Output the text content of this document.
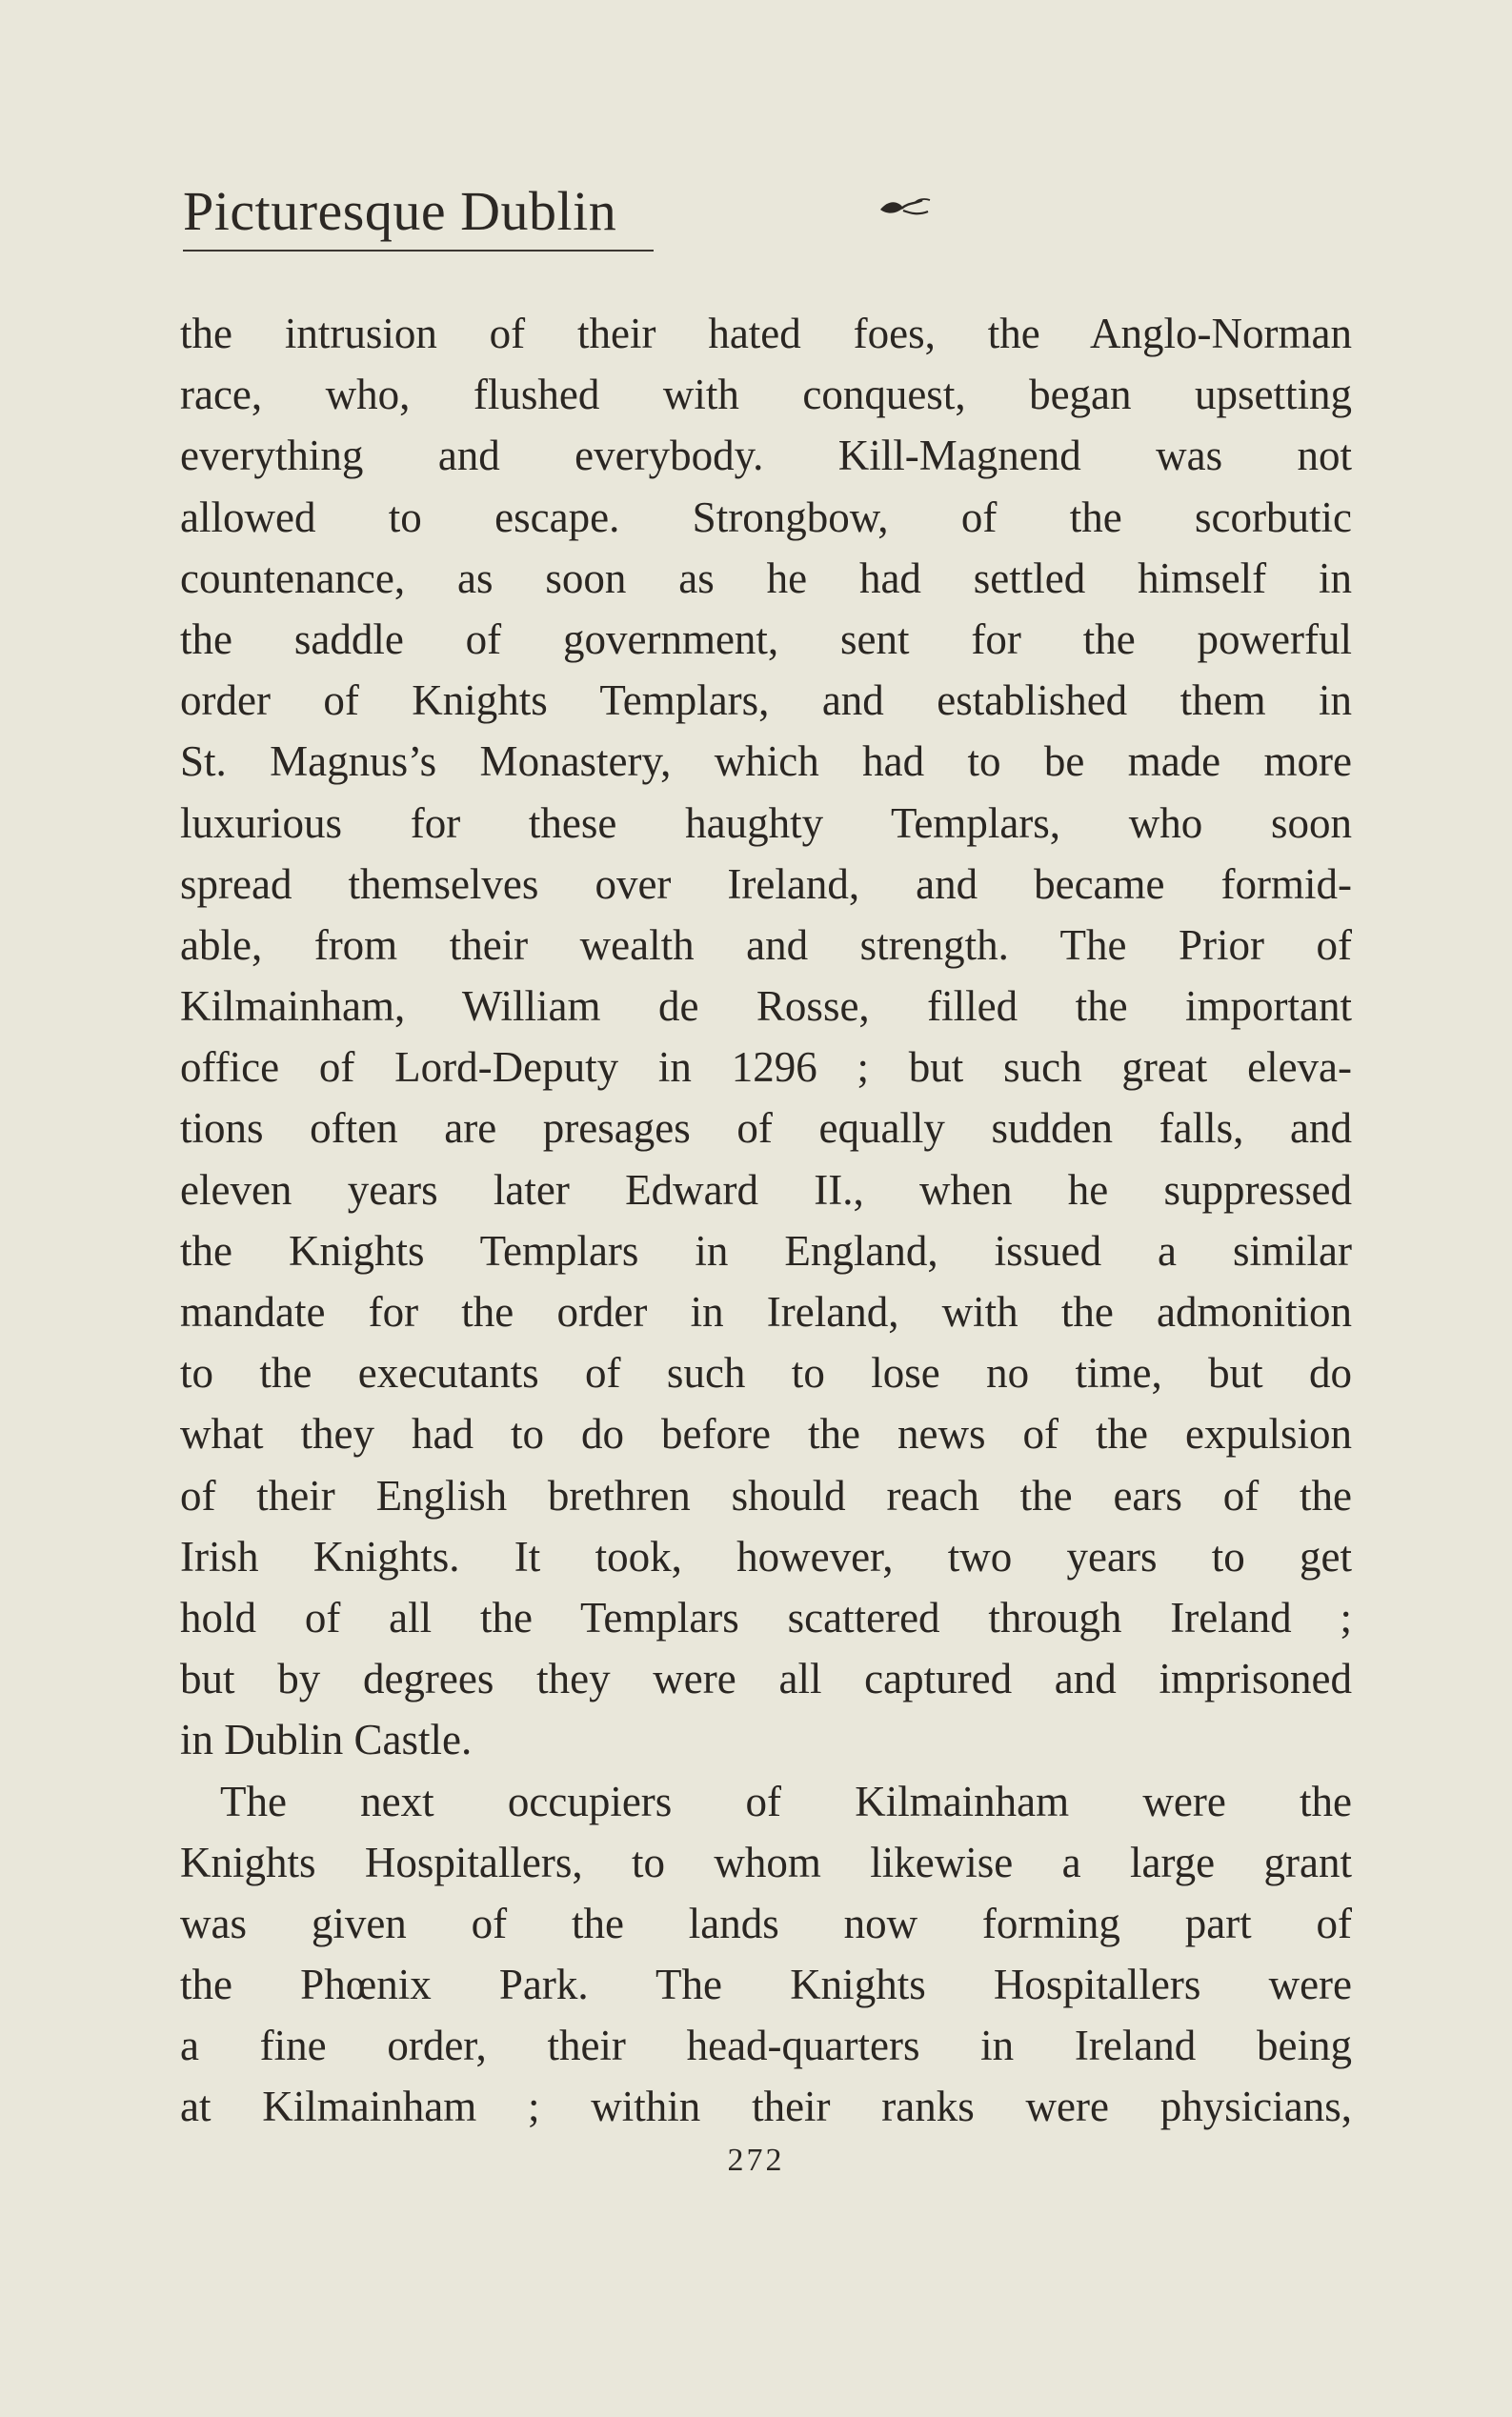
Picturesque Dublin
the intrusion of their hated foes, the Anglo-Norman
race, who, flushed with conquest, began upsetting
everything and everybody. Kill-Magnend was not
allowed to escape. Strongbow, of the scorbutic
countenance, as soon as he had settled himself in
the saddle of government, sent for the powerful
order of Knights Templars, and established them in
St. Magnus’s Monastery, which had to be made more
luxurious for these haughty Templars, who soon
spread themselves over Ireland, and became formid-
able, from their wealth and strength. The Prior of
Kilmainham, William de Rosse, filled the important
office of Lord-Deputy in 1296 ; but such great eleva-
tions often are presages of equally sudden falls, and
eleven years later Edward II., when he suppressed
the Knights Templars in England, issued a similar
mandate for the order in Ireland, with the admonition
to the executants of such to lose no time, but do
what they had to do before the news of the expulsion
of their English brethren should reach the ears of the
Irish Knights. It took, however, two years to get
hold of all the Templars scattered through Ireland ;
but by degrees they were all captured and imprisoned
in Dublin Castle.
The next occupiers of Kilmainham were the
Knights Hospitallers, to whom likewise a large grant
was given of the lands now forming part of
the Phœnix Park. The Knights Hospitallers were
a fine order, their head-quarters in Ireland being
at Kilmainham ; within their ranks were physicians,
272
